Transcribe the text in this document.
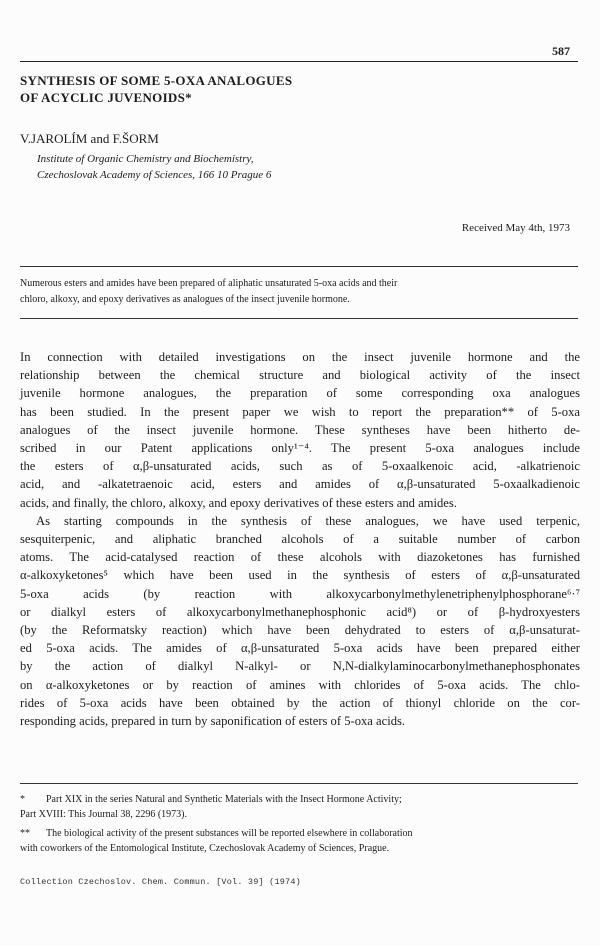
587
SYNTHESIS OF SOME 5-OXA ANALOGUES
OF ACYCLIC JUVENOIDS*
V.JAROLÍM and F.ŠORM
Institute of Organic Chemistry and Biochemistry,
Czechoslovak Academy of Sciences, 166 10 Prague 6
Received May 4th, 1973
Numerous esters and amides have been prepared of aliphatic unsaturated 5-oxa acids and their
chloro, alkoxy, and epoxy derivatives as analogues of the insect juvenile hormone.
In connection with detailed investigations on the insect juvenile hormone and the
relationship between the chemical structure and biological activity of the insect
juvenile hormone analogues, the preparation of some corresponding oxa analogues
has been studied. In the present paper we wish to report the preparation** of 5-oxa
analogues of the insect juvenile hormone. These syntheses have been hitherto de-
scribed in our Patent applications only¹⁻⁴. The present 5-oxa analogues include
the esters of α,β-unsaturated acids, such as of 5-oxaalkenoic acid, -alkatrienoic
acid, and -alkatetraenoic acid, esters and amides of α,β-unsaturated 5-oxaalkadienoic
acids, and finally, the chloro, alkoxy, and epoxy derivatives of these esters and amides.
As starting compounds in the synthesis of these analogues, we have used terpenic,
sesquiterpenic, and aliphatic branched alcohols of a suitable number of carbon
atoms. The acid-catalysed reaction of these alcohols with diazoketones has furnished
α-alkoxyketones⁵ which have been used in the synthesis of esters of α,β-unsaturated
5-oxa acids (by reaction with alkoxycarbonylmethylenetriphenylphosphorane⁶·⁷
or dialkyl esters of alkoxycarbonylmethanephosphonic acid⁸) or of β-hydroxyesters
(by the Reformatsky reaction) which have been dehydrated to esters of α,β-unsaturat-
ed 5-oxa acids. The amides of α,β-unsaturated 5-oxa acids have been prepared either
by the action of dialkyl N-alkyl- or N,N-dialkylaminocarbonylmethanephosphonates
on α-alkoxyketones or by reaction of amines with chlorides of 5-oxa acids. The chlo-
rides of 5-oxa acids have been obtained by the action of thionyl chloride on the cor-
responding acids, prepared in turn by saponification of esters of 5-oxa acids.
* Part XIX in the series Natural and Synthetic Materials with the Insect Hormone Activity;
Part XVIII: This Journal 38, 2296 (1973).
** The biological activity of the present substances will be reported elsewhere in collaboration
with coworkers of the Entomological Institute, Czechoslovak Academy of Sciences, Prague.
Collection Czechoslov. Chem. Commun. [Vol. 39] (1974)
